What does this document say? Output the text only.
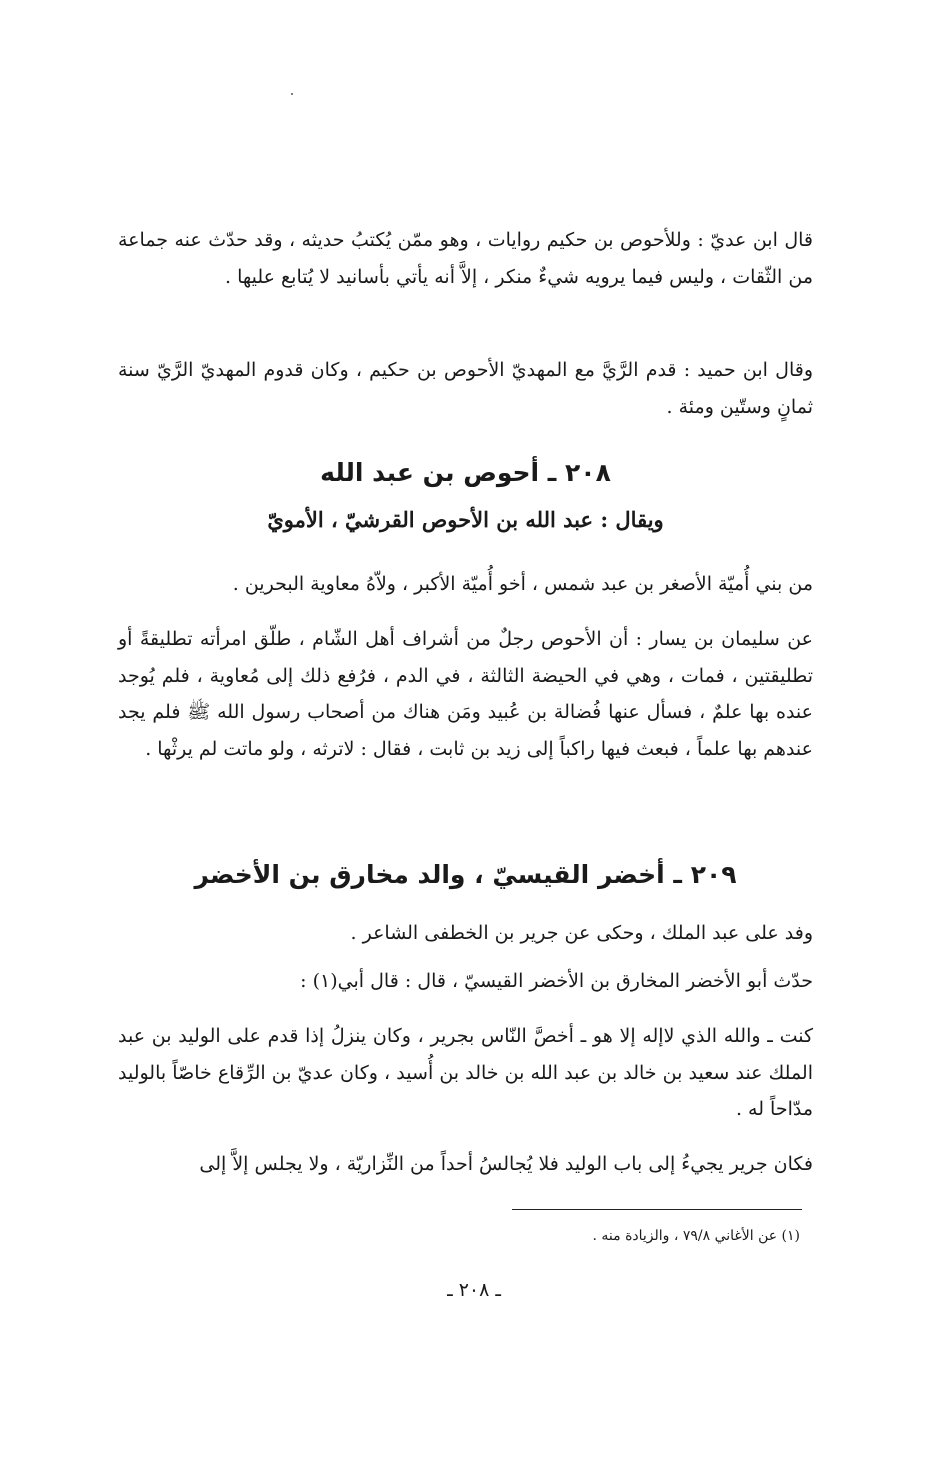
قال ابن عديّ : وللأحوص بن حكيم روايات ، وهو ممّن يُكتبُ حديثه ، وقد حدّث عنه جماعة من الثّقات ، وليس فيما يرويه شيءٌ منكر ، إلاَّ أنه يأتي بأسانيد لا يُتابع عليها .

وقال ابن حميد : قدم الرَّيَّ مع المهديّ الأحوص بن حكيم ، وكان قدوم المهديّ الرَّيّ سنة ثمانٍ وستّين ومئة .

٢٠٨ ـ أحوص بن عبد الله
ويقال : عبد الله بن الأحوص القرشيّ ، الأمويّ

من بني أُميّة الأصغر بن عبد شمس ، أخو أُميّة الأكبر ، ولاّهُ معاوية البحرين .

عن سليمان بن يسار : أن الأحوص رجلٌ من أشراف أهل الشّام ، طلّق امرأته تطليقةً أو تطليقتين ، فمات ، وهي في الحيضة الثالثة ، في الدم ، فرُفع ذلك إلى مُعاوية ، فلم يُوجد عنده بها علمٌ ، فسأل عنها فُضالة بن عُبيد ومَن هناك من أصحاب رسول الله ﷺ فلم يجد عندهم بها علماً ، فبعث فيها راكباً إلى زيد بن ثابت ، فقال : لاترثه ، ولو ماتت لم يرثْها .

٢٠٩ ـ أخضر القيسيّ ، والد مخارق بن الأخضر

وفد على عبد الملك ، وحكى عن جرير بن الخطفى الشاعر .

حدّث أبو الأخضر المخارق بن الأخضر القيسيّ ، قال : قال أبي(١) :

كنت ـ والله الذي لاإله إلا هو ـ أخصَّ النّاس بجرير ، وكان ينزلُ إذا قدم على الوليد بن عبد الملك عند سعيد بن خالد بن عبد الله بن خالد بن أُسيد ، وكان عديّ بن الرِّقاع خاصّاً بالوليد مدّاحاً له .

فكان جرير يجيءُ إلى باب الوليد فلا يُجالسُ أحداً من النِّزاريّة ، ولا يجلس إلاَّ إلى

(١) عن الأغاني ٧٩/٨ ، والزيادة منه .

ـ ٢٠٨ ـ
